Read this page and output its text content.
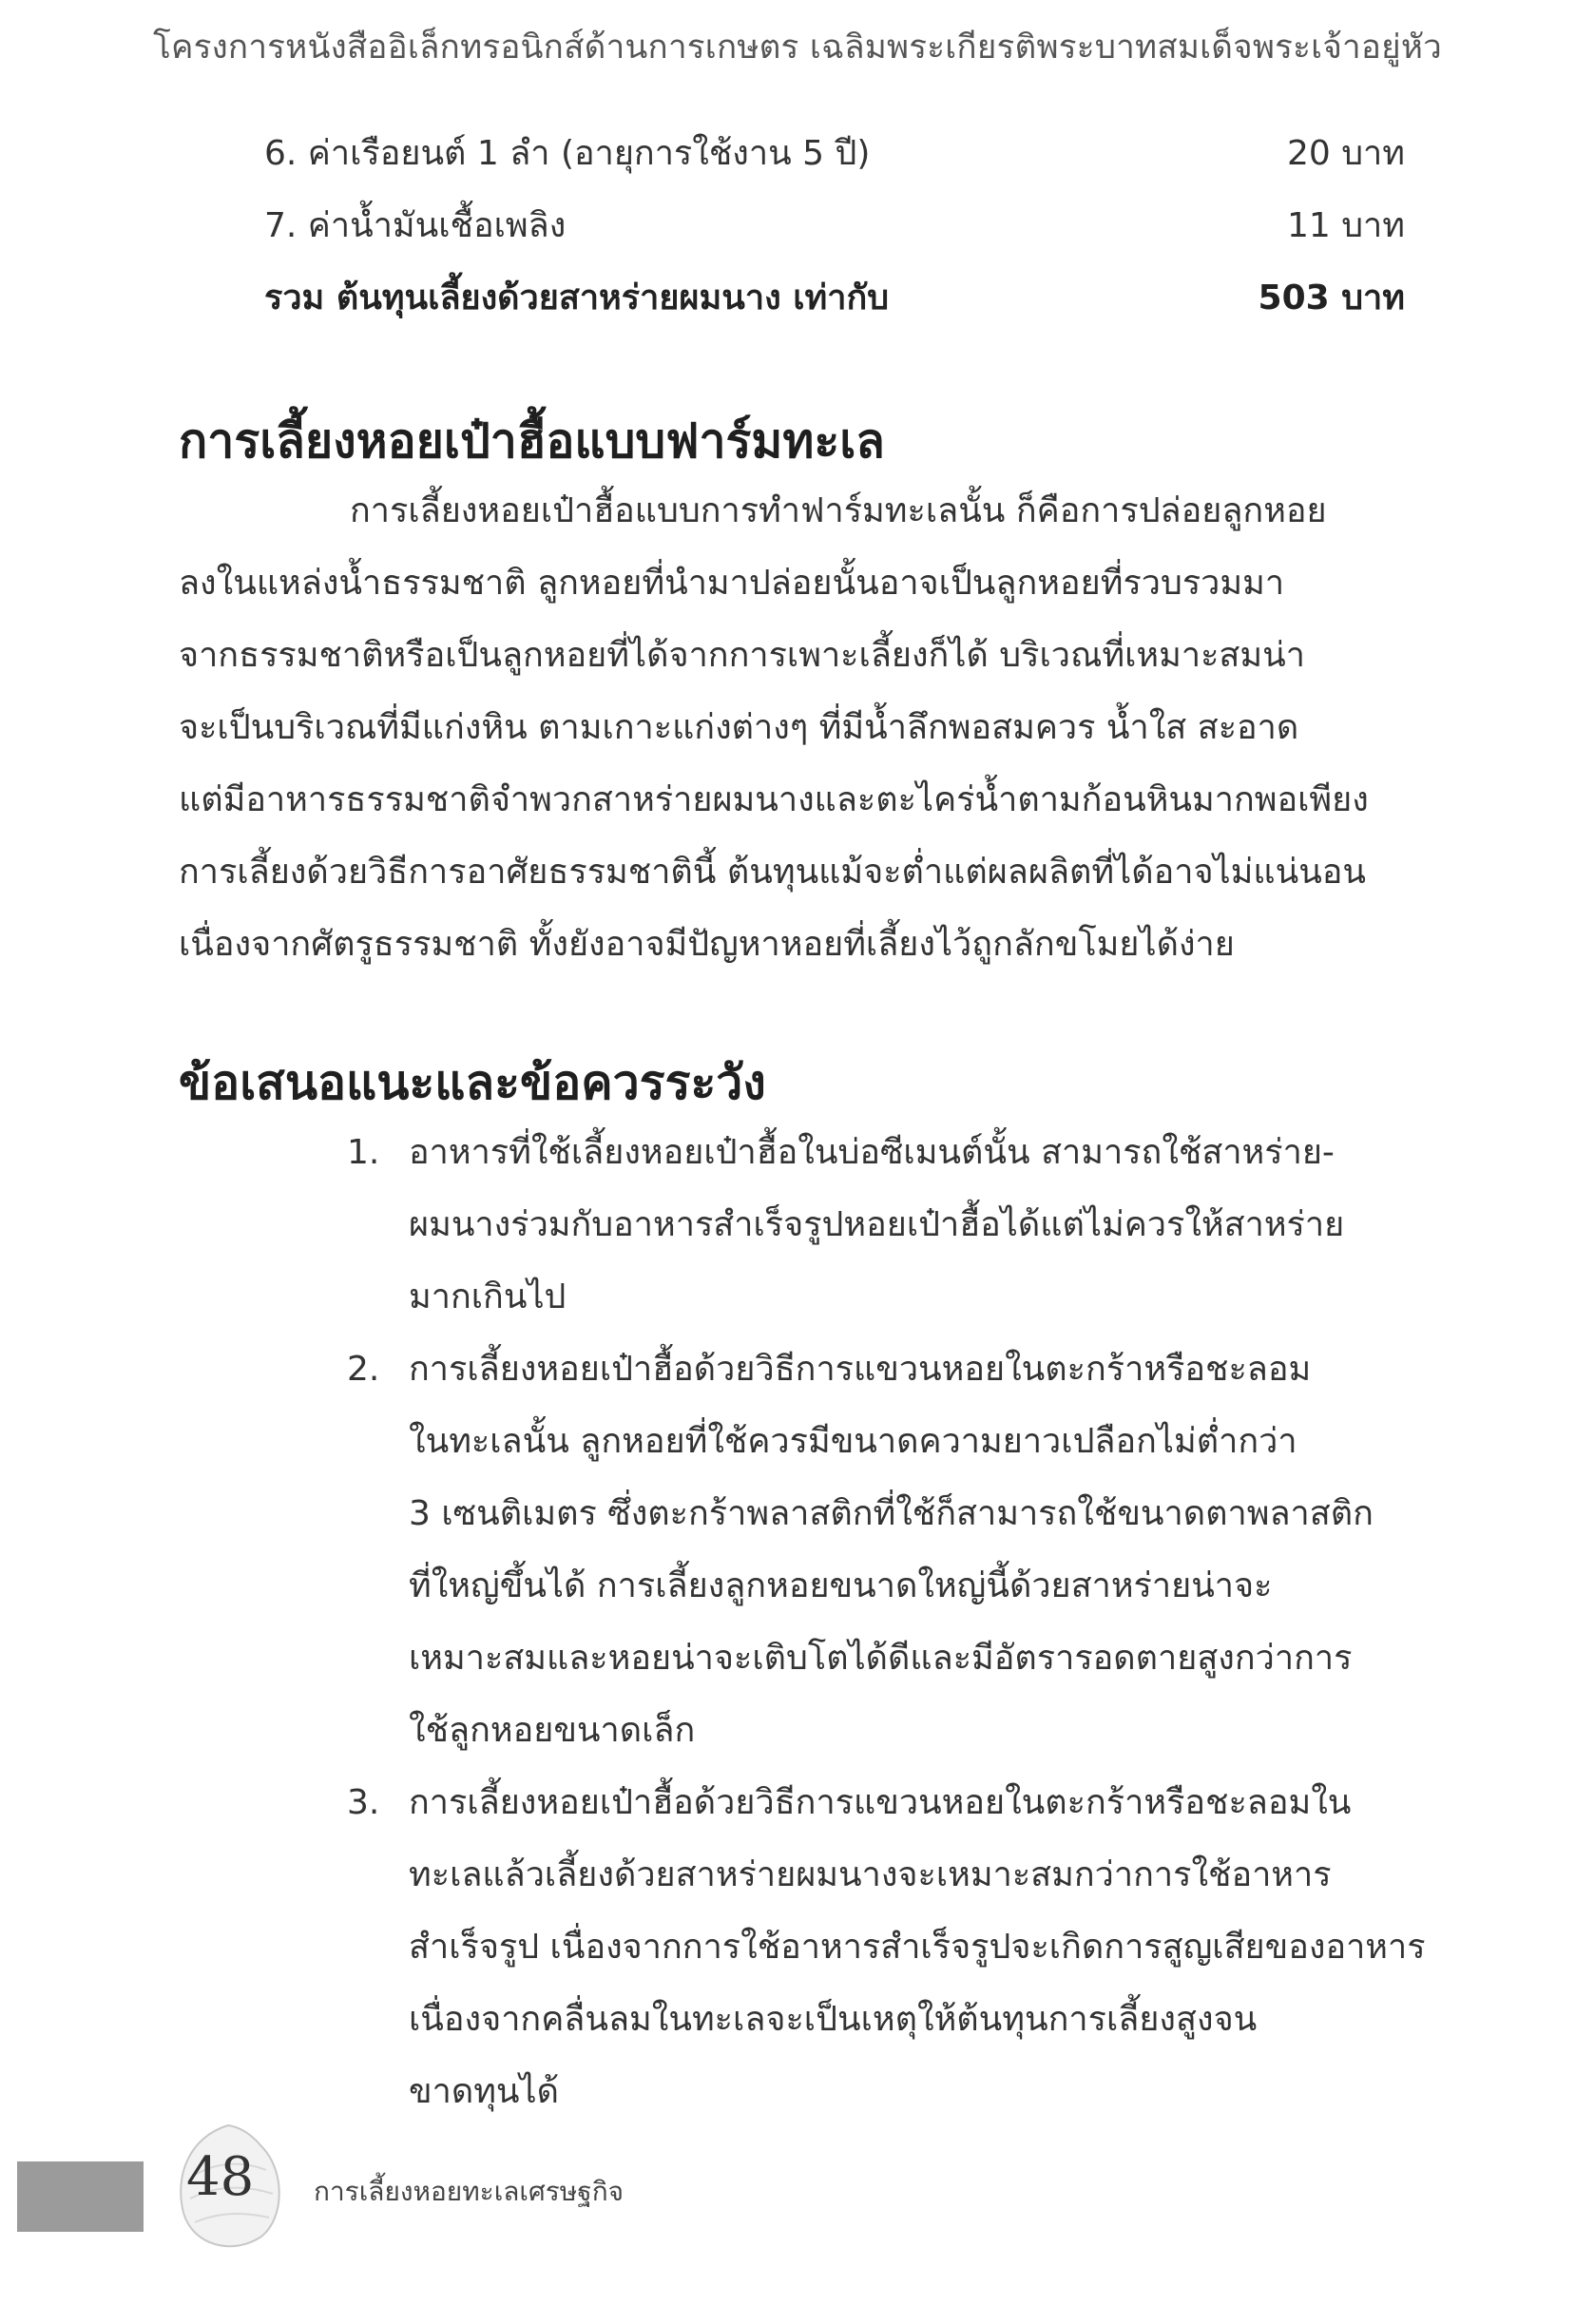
โครงการหนังสืออิเล็กทรอนิกส์ด้านการเกษตร เฉลิมพระเกียรติพระบาทสมเด็จพระเจ้าอยู่หัว
6. ค่าเรือยนต์ 1 ลำ (อายุการใช้งาน 5 ปี)	20 บาท
7. ค่าน้ำมันเชื้อเพลิง	11 บาท
รวม ต้นทุนเลี้ยงด้วยสาหร่ายผมนาง เท่ากับ	503 บาท
การเลี้ยงหอยเป๋าฮื้อแบบฟาร์มทะเล
การเลี้ยงหอยเป๋าฮื้อแบบการทำฟาร์มทะเลนั้น ก็คือการปล่อยลูกหอย
ลงในแหล่งน้ำธรรมชาติ ลูกหอยที่นำมาปล่อยนั้นอาจเป็นลูกหอยที่รวบรวมมา
จากธรรมชาติหรือเป็นลูกหอยที่ได้จากการเพาะเลี้ยงก็ได้ บริเวณที่เหมาะสมน่า
จะเป็นบริเวณที่มีแก่งหิน ตามเกาะแก่งต่างๆ ที่มีน้ำลึกพอสมควร น้ำใส สะอาด
แต่มีอาหารธรรมชาติจำพวกสาหร่ายผมนางและตะไคร่น้ำตามก้อนหินมากพอเพียง
การเลี้ยงด้วยวิธีการอาศัยธรรมชาตินี้ ต้นทุนแม้จะต่ำแต่ผลผลิตที่ได้อาจไม่แน่นอน
เนื่องจากศัตรูธรรมชาติ ทั้งยังอาจมีปัญหาหอยที่เลี้ยงไว้ถูกลักขโมยได้ง่าย
ข้อเสนอแนะและข้อควรระวัง
1. อาหารที่ใช้เลี้ยงหอยเป๋าฮื้อในบ่อซีเมนต์นั้น สามารถใช้สาหร่าย-
ผมนางร่วมกับอาหารสำเร็จรูปหอยเป๋าฮื้อได้แต่ไม่ควรให้สาหร่าย
มากเกินไป
2. การเลี้ยงหอยเป๋าฮื้อด้วยวิธีการแขวนหอยในตะกร้าหรือชะลอม
ในทะเลนั้น ลูกหอยที่ใช้ควรมีขนาดความยาวเปลือกไม่ต่ำกว่า
3 เซนติเมตร ซึ่งตะกร้าพลาสติกที่ใช้ก็สามารถใช้ขนาดตาพลาสติก
ที่ใหญ่ขึ้นได้ การเลี้ยงลูกหอยขนาดใหญ่นี้ด้วยสาหร่ายน่าจะ
เหมาะสมและหอยน่าจะเติบโตได้ดีและมีอัตรารอดตายสูงกว่าการ
ใช้ลูกหอยขนาดเล็ก
3. การเลี้ยงหอยเป๋าฮื้อด้วยวิธีการแขวนหอยในตะกร้าหรือชะลอมใน
ทะเลแล้วเลี้ยงด้วยสาหร่ายผมนางจะเหมาะสมกว่าการใช้อาหาร
สำเร็จรูป เนื่องจากการใช้อาหารสำเร็จรูปจะเกิดการสูญเสียของอาหาร
เนื่องจากคลื่นลมในทะเลจะเป็นเหตุให้ต้นทุนการเลี้ยงสูงจน
ขาดทุนได้
48 การเลี้ยงหอยทะเลเศรษฐกิจ
